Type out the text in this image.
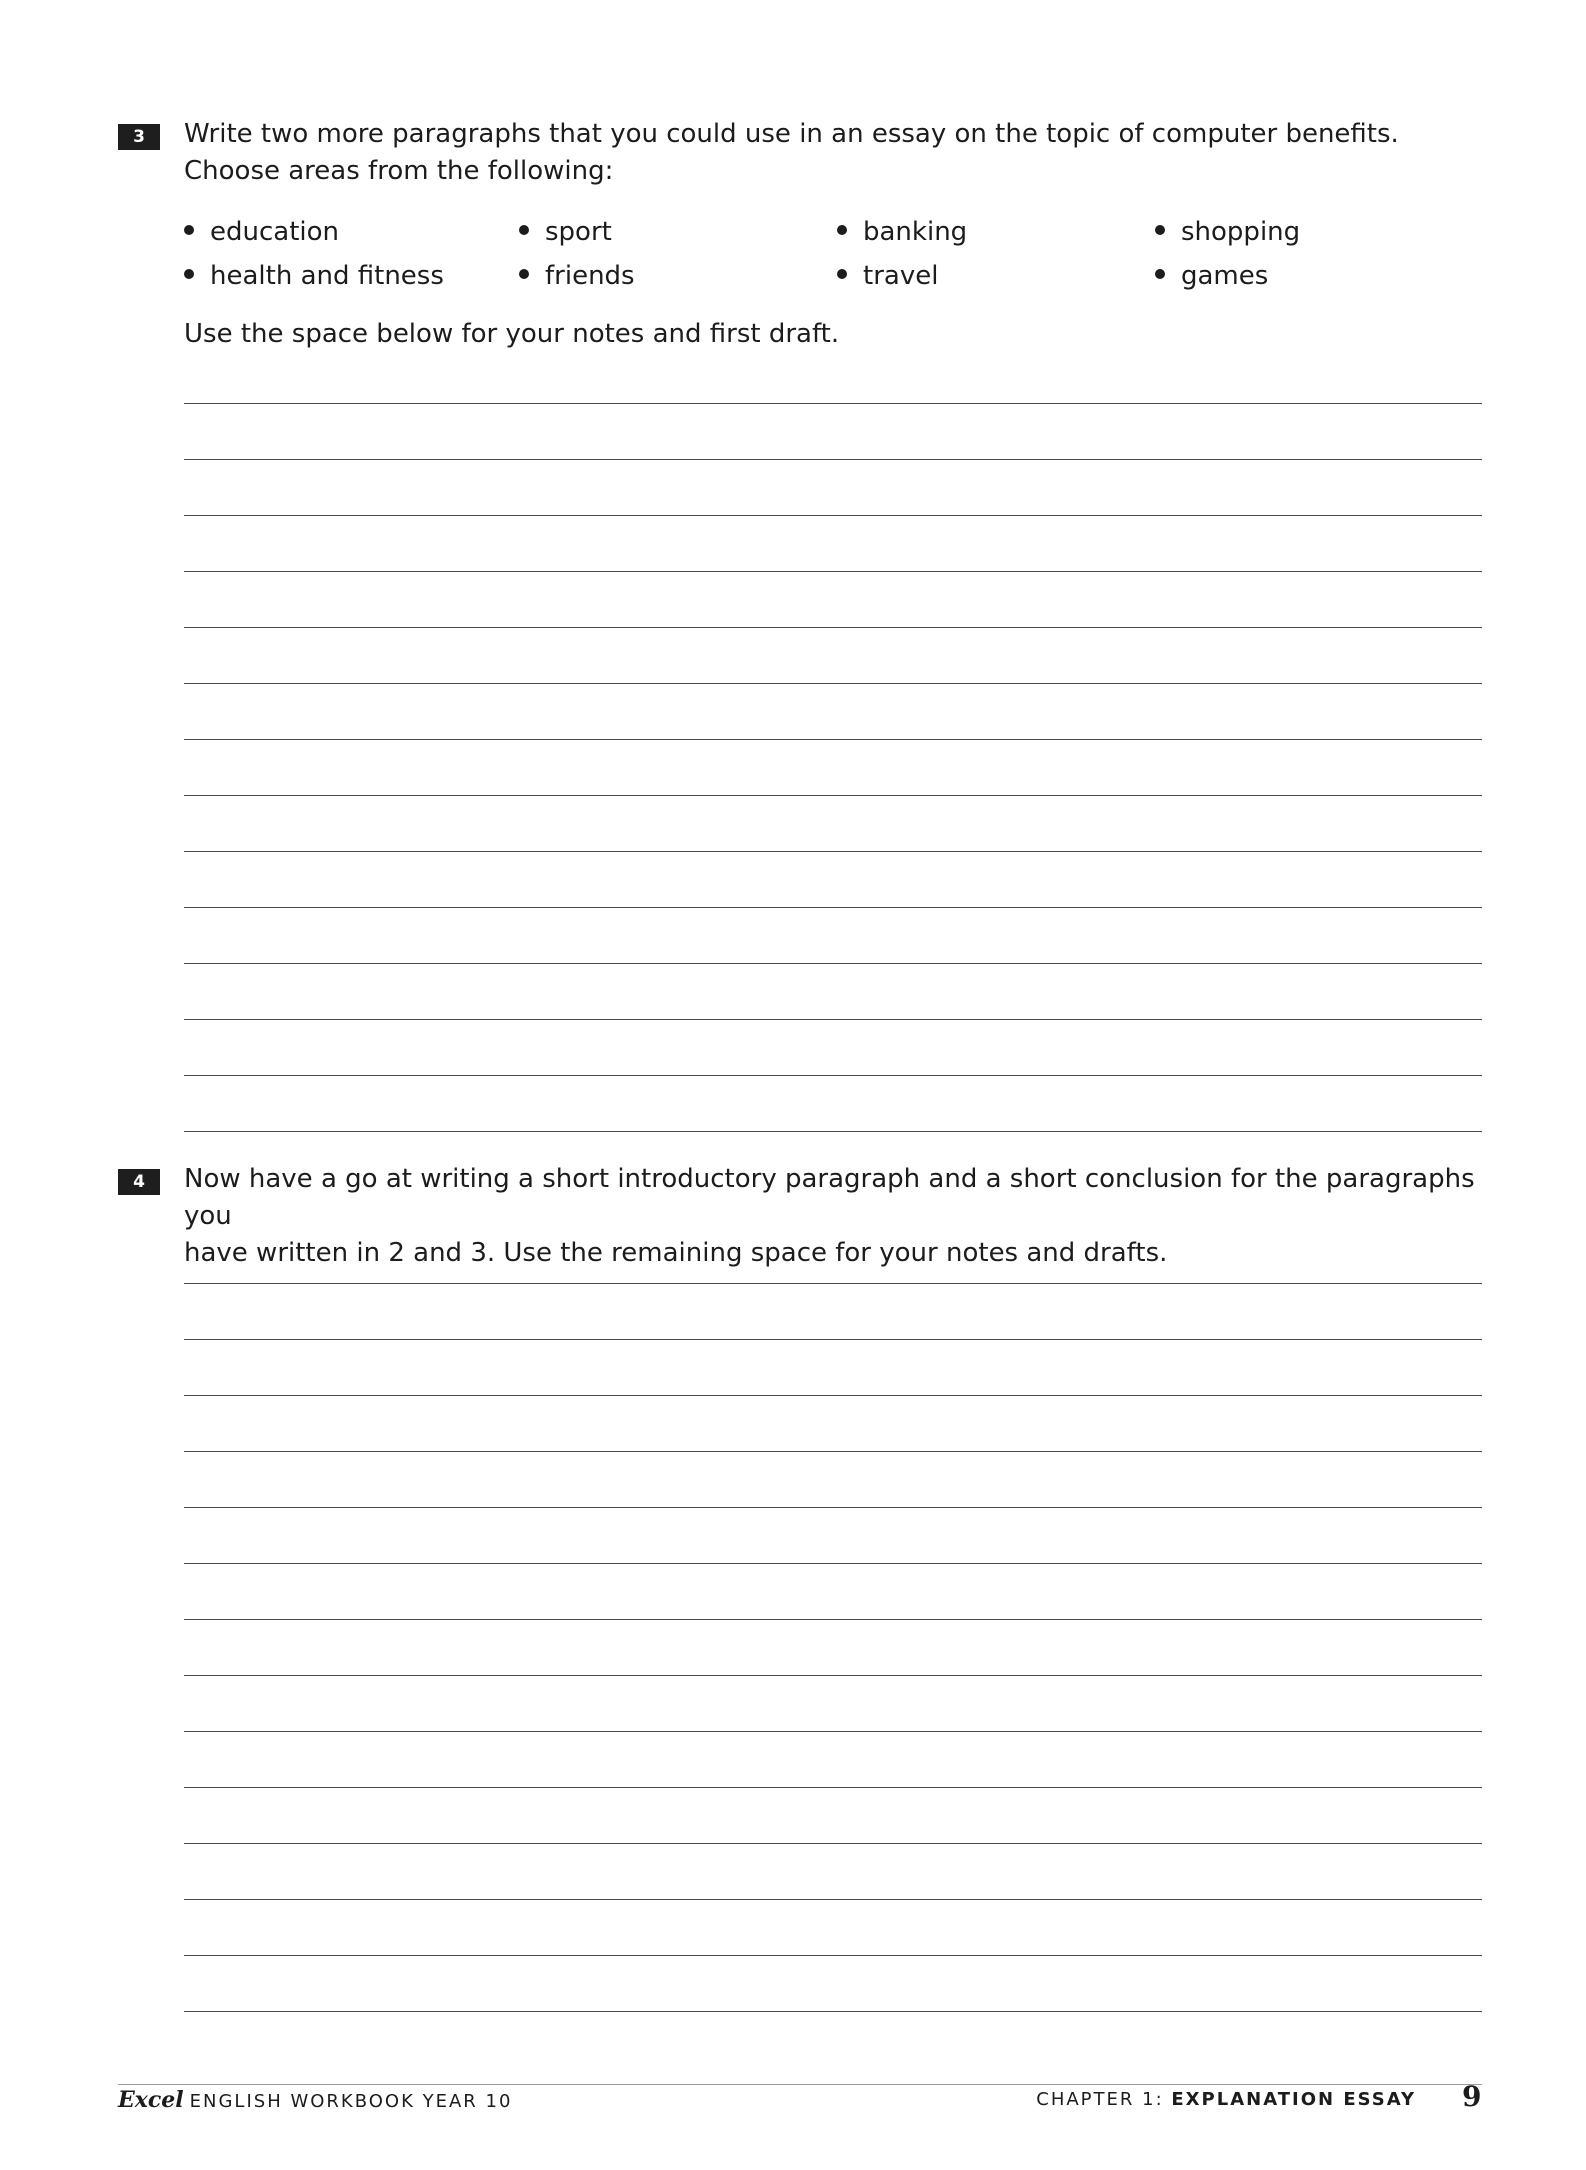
3	Write two more paragraphs that you could use in an essay on the topic of computer benefits.

Choose areas from the following:

education	sport	banking	shopping
health and fitness	friends	travel	games
Use the space below for your notes and first draft.
4	Now have a go at writing a short introductory paragraph and a short conclusion for the paragraphs you

have written in 2 and 3. Use the remaining space for your notes and drafts.

Excel ENGLISH WORKBOOK YEAR 10	CHAPTER 1: EXPLANATION ESSAY 9
